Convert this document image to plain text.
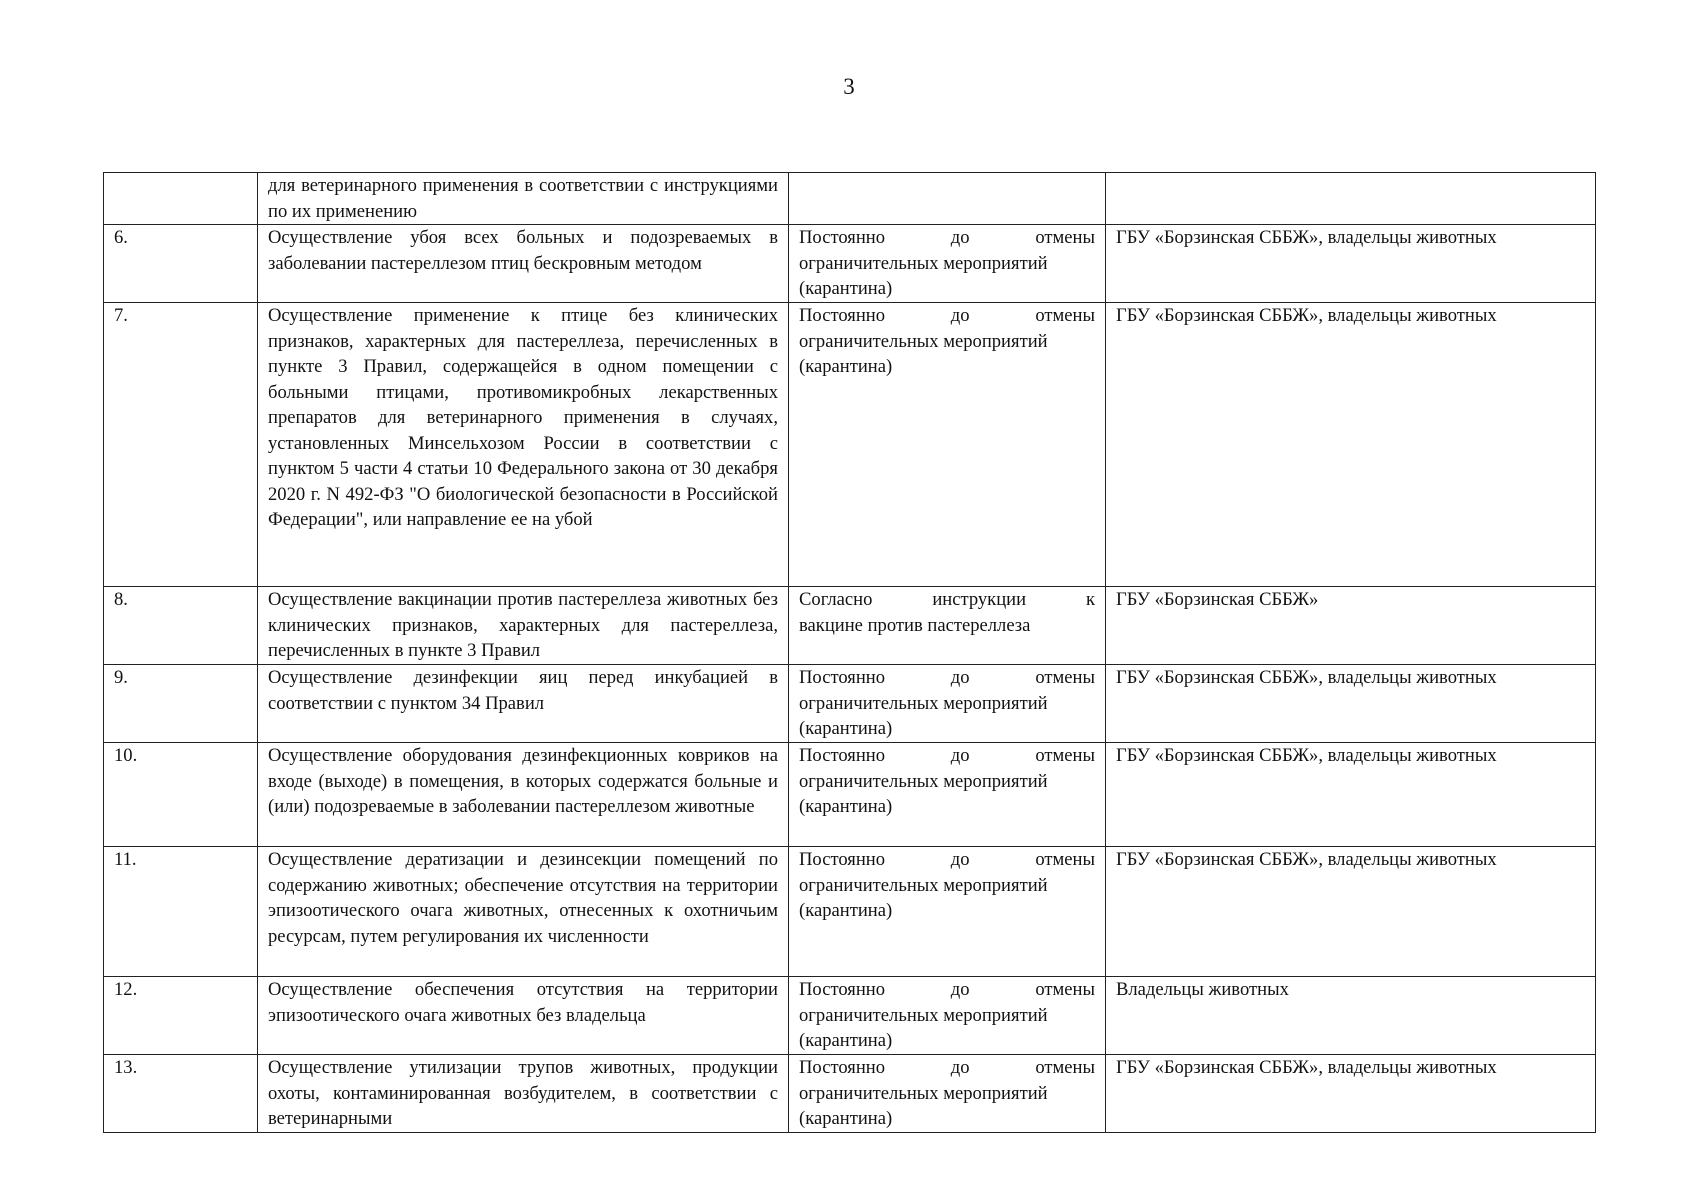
3

	для ветеринарного применения в соответствии с инструкциями по их применению		

6.	Осуществление убоя всех больных и подозреваемых в заболевании пастереллезом птиц бескровным методом	Постоянно до отмены
ограничительных мероприятий (карантина)	ГБУ «Борзинская СББЖ», владельцы животных

7.	Осуществление применение к птице без клинических признаков, характерных для пастереллеза, перечисленных в пункте 3 Правил, содержащейся в одном помещении с больными птицами, противомикробных лекарственных препаратов для ветеринарного применения в случаях, установленных Минсельхозом России в соответствии с пунктом 5 части 4 статьи 10 Федерального закона от 30 декабря 2020 г. N 492-ФЗ "О биологической безопасности в Российской Федерации", или направление ее на убой	Постоянно до отмены
ограничительных мероприятий (карантина)	ГБУ «Борзинская СББЖ», владельцы животных

8.	Осуществление вакцинации против пастереллеза животных без клинических признаков, характерных для пастереллеза, перечисленных в пункте 3 Правил	Согласно инструкции к
вакцине против пастереллеза	ГБУ «Борзинская СББЖ»

9.	Осуществление дезинфекции яиц перед инкубацией в соответствии с пунктом 34 Правил	Постоянно до отмены
ограничительных мероприятий (карантина)	ГБУ «Борзинская СББЖ», владельцы животных

10.	Осуществление оборудования дезинфекционных ковриков на входе (выходе) в помещения, в которых содержатся больные и (или) подозреваемые в заболевании пастереллезом животные	Постоянно до отмены
ограничительных мероприятий (карантина)	ГБУ «Борзинская СББЖ», владельцы животных

11.	Осуществление дератизации и дезинсекции помещений по содержанию животных; обеспечение отсутствия на территории эпизоотического очага животных, отнесенных к охотничьим ресурсам, путем регулирования их численности	Постоянно до отмены
ограничительных мероприятий (карантина)	ГБУ «Борзинская СББЖ», владельцы животных

12.	Осуществление обеспечения отсутствия на территории эпизоотического очага животных без владельца	Постоянно до отмены
ограничительных мероприятий (карантина)	Владельцы животных

13.	Осуществление утилизации трупов животных, продукции охоты, контаминированная возбудителем, в соответствии с ветеринарными	Постоянно до отмены
ограничительных мероприятий (карантина)	ГБУ «Борзинская СББЖ», владельцы животных
